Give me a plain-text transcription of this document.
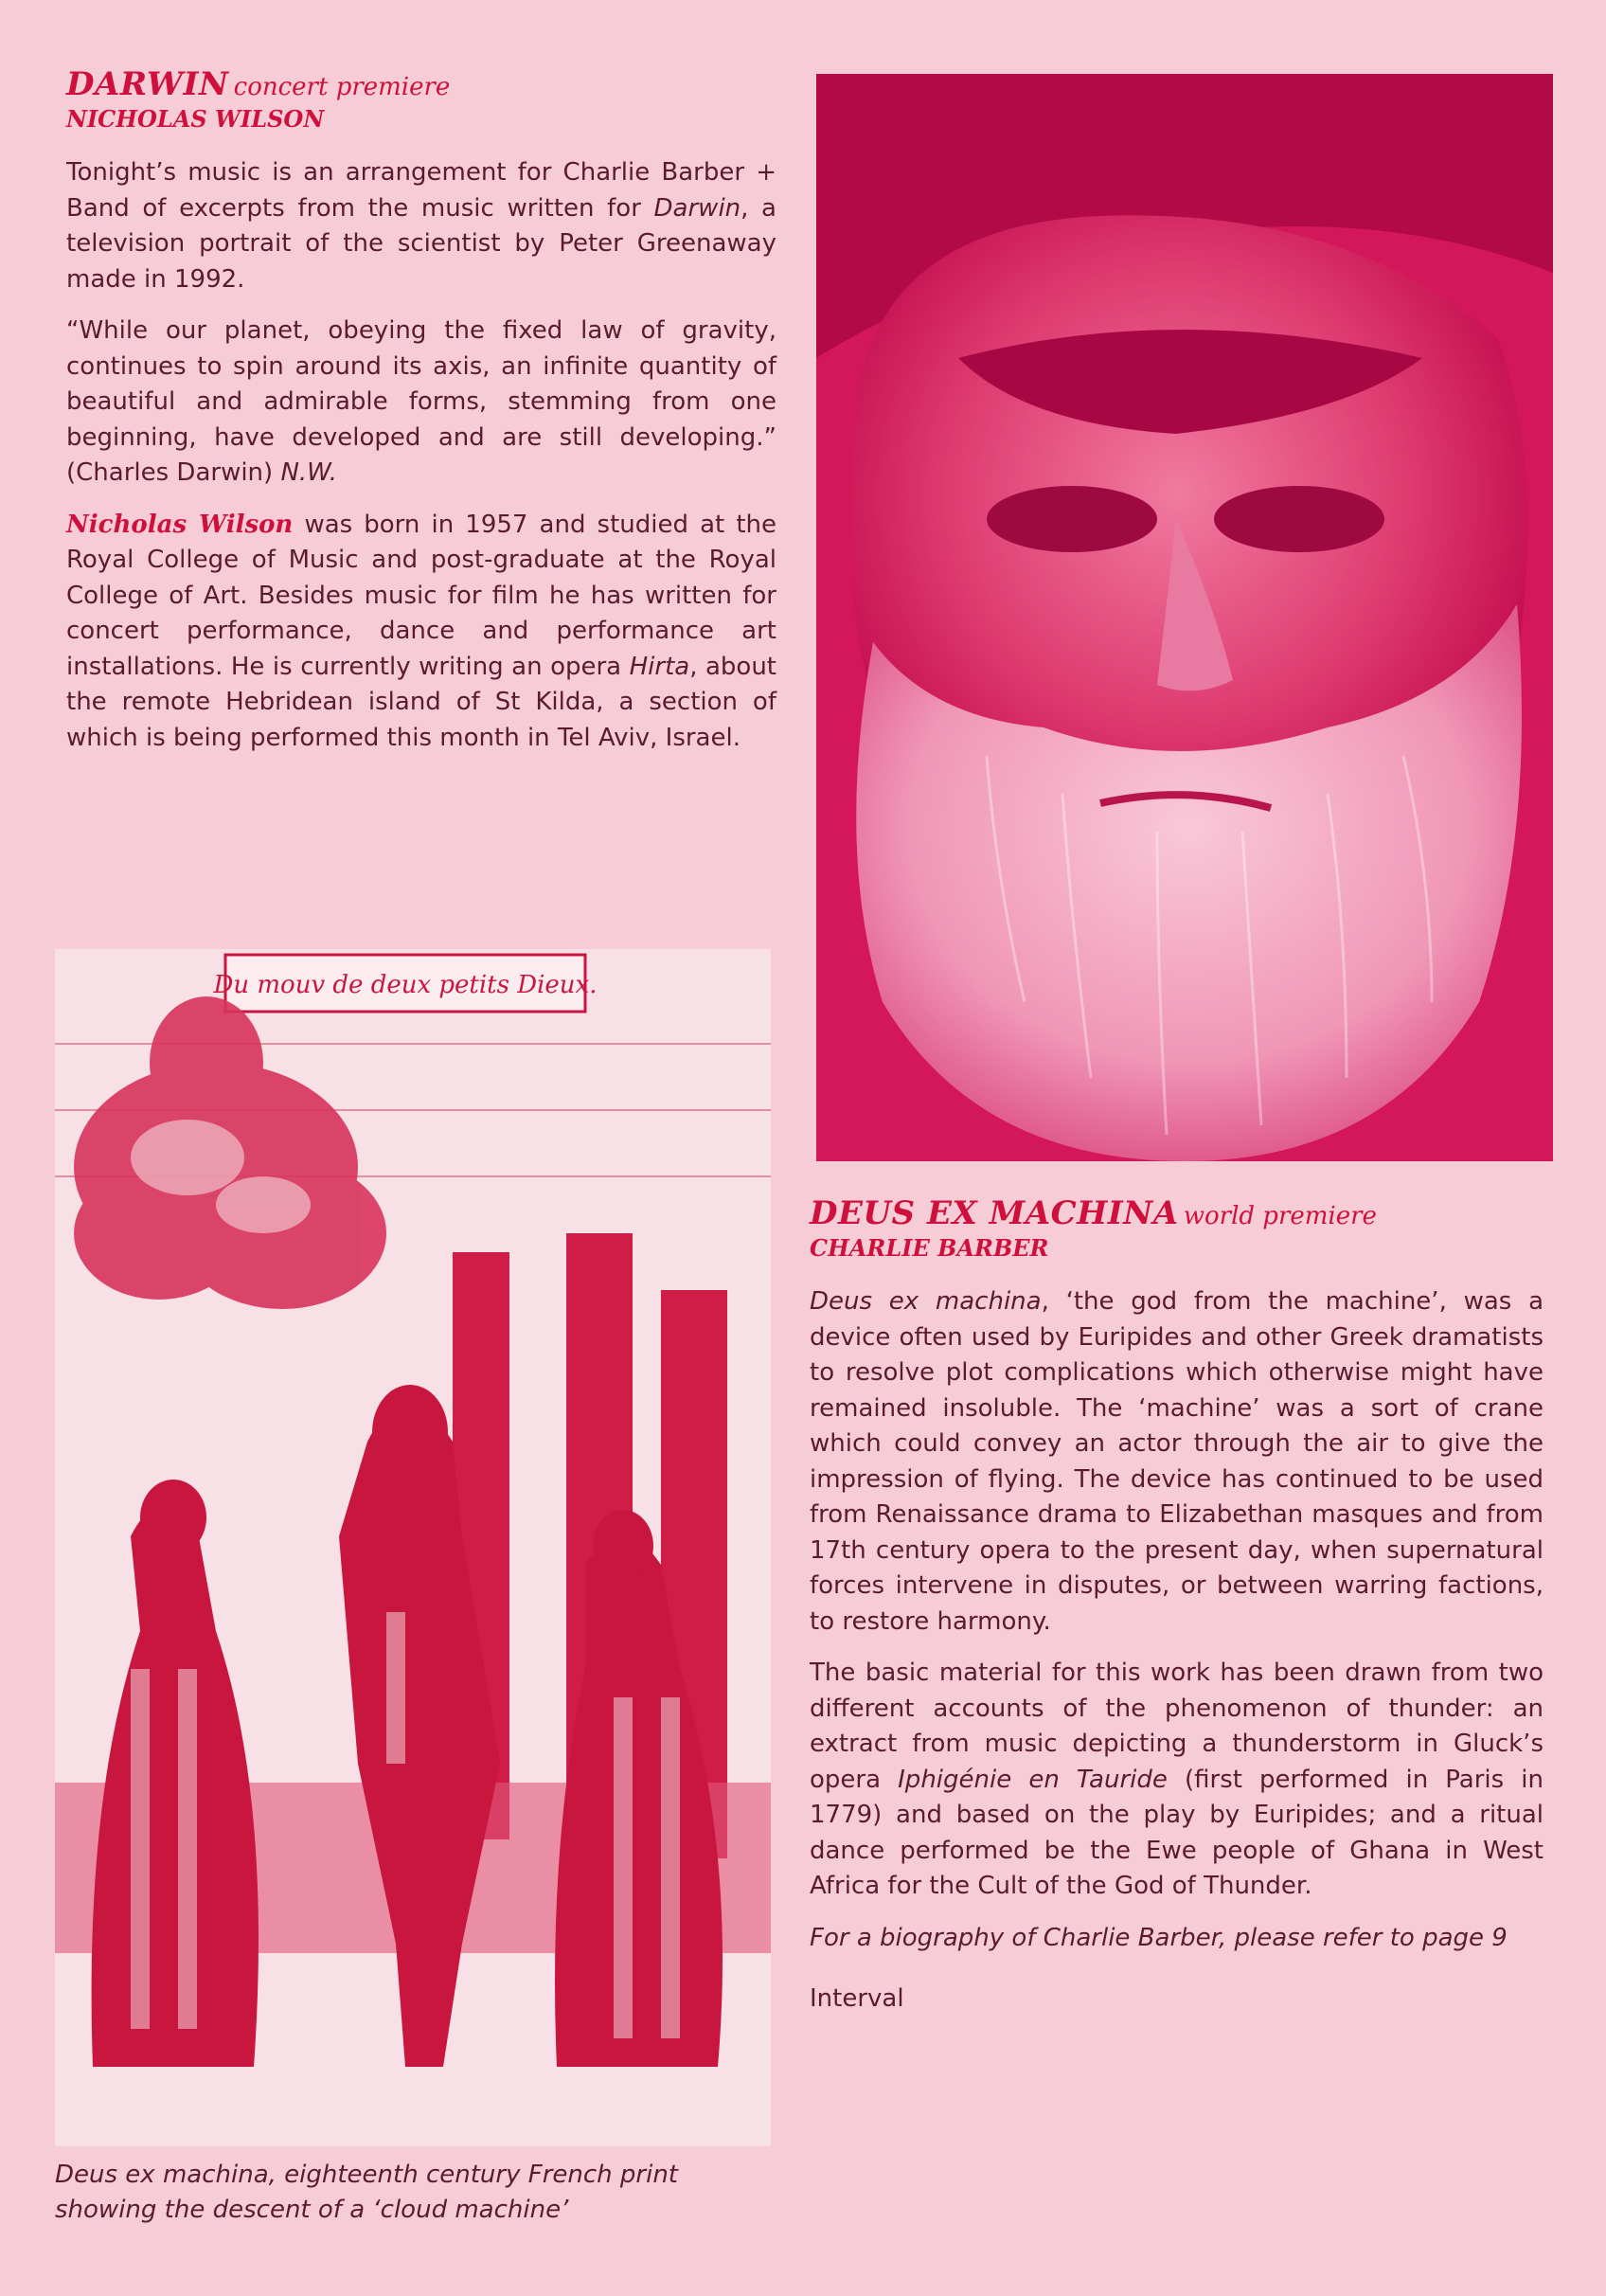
DARWIN concert premiere
NICHOLAS WILSON

Tonight’s music is an arrangement for Charlie Barber + Band of excerpts from the music written for Darwin, a television portrait of the scientist by Peter Greenaway made in 1992.

“While our planet, obeying the fixed law of gravity, continues to spin around its axis, an infinite quantity of beautiful and admirable forms, stemming from one beginning, have developed and are still developing.” (Charles Darwin) N.W.

Nicholas Wilson was born in 1957 and studied at the Royal College of Music and post-graduate at the Royal College of Art. Besides music for film he has written for concert performance, dance and performance art installations. He is currently writing an opera Hirta, about the remote Hebridean island of St Kilda, a section of which is being performed this month in Tel Aviv, Israel.

Du mouv de deux petits Dieux.
Deus ex machina, eighteenth century French print showing the descent of a ‘cloud machine’
DEUS EX MACHINA world premiere
CHARLIE BARBER

Deus ex machina, ‘the god from the machine’, was a device often used by Euripides and other Greek dramatists to resolve plot complications which otherwise might have remained insoluble. The ‘machine’ was a sort of crane which could convey an actor through the air to give the impression of flying. The device has continued to be used from Renaissance drama to Elizabethan masques and from 17th century opera to the present day, when supernatural forces intervene in disputes, or between warring factions, to restore harmony.

The basic material for this work has been drawn from two different accounts of the phenomenon of thunder: an extract from music depicting a thunderstorm in Gluck’s opera Iphigénie en Tauride (first performed in Paris in 1779) and based on the play by Euripides; and a ritual dance performed be the Ewe people of Ghana in West Africa for the Cult of the God of Thunder.

For a biography of Charlie Barber, please refer to page 9
Interval
